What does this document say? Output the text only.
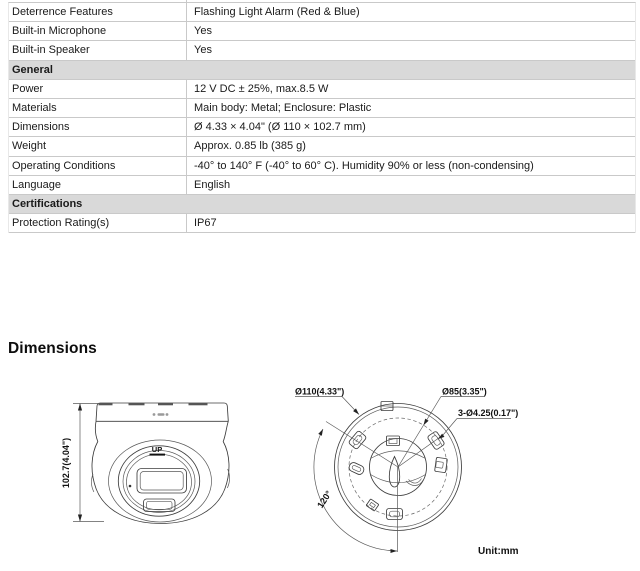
Deterrence Features	Flashing Light Alarm (Red & Blue)
Built-in Microphone	Yes
Built-in Speaker	Yes
General
Power	12 V DC ± 25%, max.8.5 W
Materials	Main body: Metal; Enclosure: Plastic
Dimensions	Ø 4.33 × 4.04" (Ø 110 × 102.7 mm)
Weight	Approx. 0.85 lb (385 g)
Operating Conditions	-40° to 140° F (-40° to 60° C). Humidity 90% or less (non-condensing)
Language	English
Certifications
Protection Rating(s)	IP67
Dimensions
102.7(4.04")	UP
Ø110(4.33")	Ø85(3.35")
3-Ø4.25(0.17")
120°
Unit:mm
